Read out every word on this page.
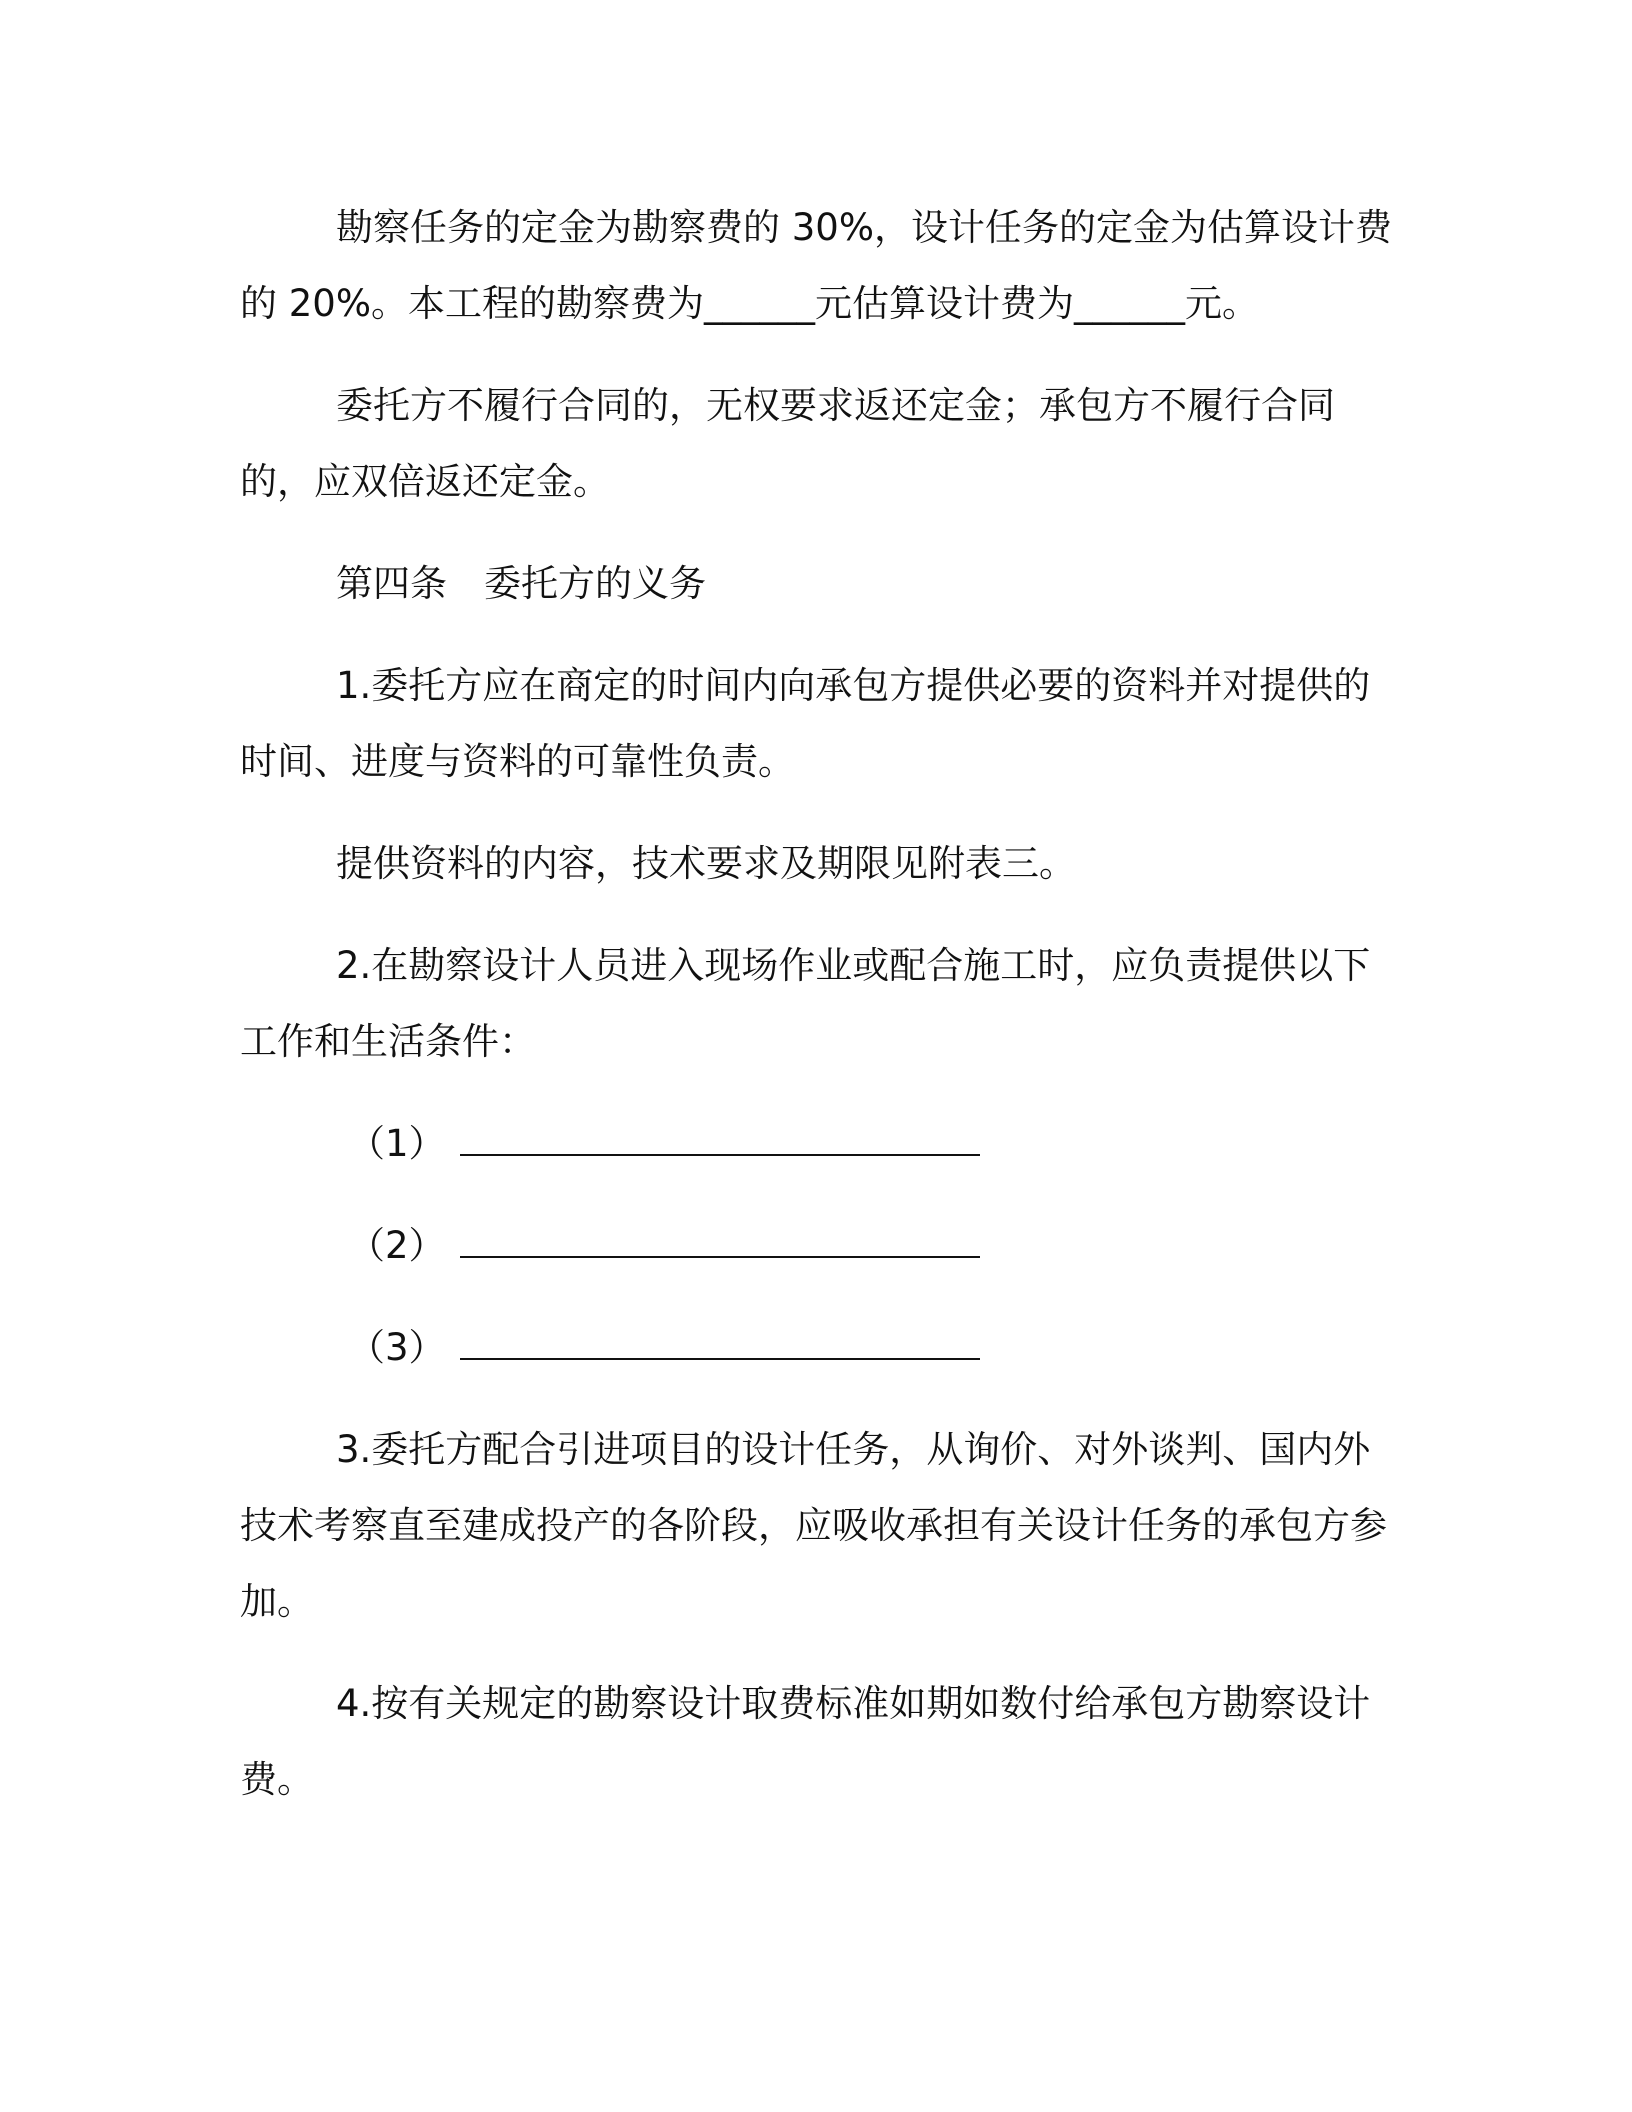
勘察任务的定金为勘察费的 30%，设计任务的定金为估算设计费的 20%。本工程的勘察费为______元估算设计费为______元。

委托方不履行合同的，无权要求返还定金；承包方不履行合同的，应双倍返还定金。

第四条　委托方的义务

1.委托方应在商定的时间内向承包方提供必要的资料并对提供的时间、进度与资料的可靠性负责。

提供资料的内容，技术要求及期限见附表三。

2.在勘察设计人员进入现场作业或配合施工时，应负责提供以下工作和生活条件：

（1）
（2）
（3）

3.委托方配合引进项目的设计任务，从询价、对外谈判、国内外技术考察直至建成投产的各阶段，应吸收承担有关设计任务的承包方参加。

4.按有关规定的勘察设计取费标准如期如数付给承包方勘察设计费。
